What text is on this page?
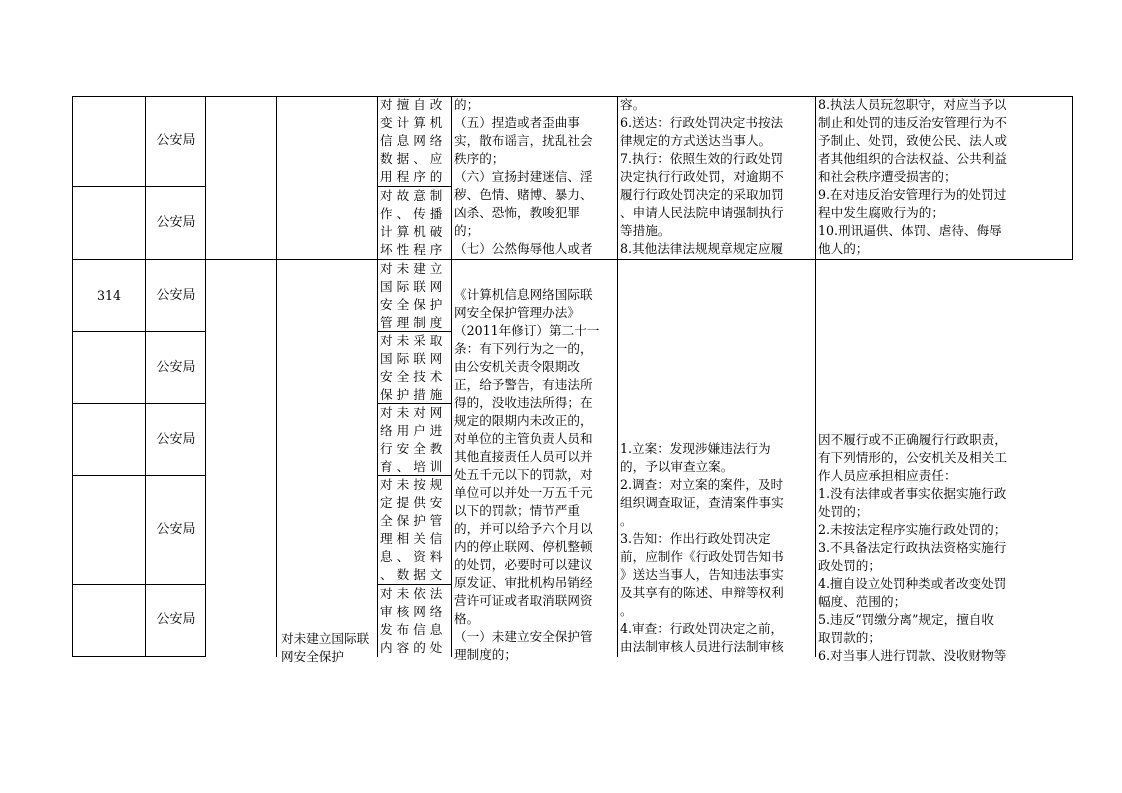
314
公安局
公安局
公安局
公安局
公安局
公安局
公安局
对未建立国际联网安全保护
对擅自改
变计算机
信息网络
数据、应
用程序的
对故意制
作、传播
计算机破
坏性程序
对未建立
国际联网
安全保护
管理制度
对未采取
国际联网
安全技术
保护措施
对未对网
络用户进
行安全教
育、培训
对未按规
定提供安
全保护管
理相关信
息、资料
、数据文
对未依法
审核网络
发布信息
内容的处
的；
（五）捏造或者歪曲事
实，散布谣言，扰乱社会
秩序的；
（六）宣扬封建迷信、淫
秽、色情、赌博、暴力、
凶杀、恐怖，教唆犯罪
的；
（七）公然侮辱他人或者
《计算机信息网络国际联
网安全保护管理办法》
（2011年修订）第二十一
条：有下列行为之一的，
由公安机关责令限期改
正，给予警告，有违法所
得的，没收违法所得；在
规定的限期内未改正的，
对单位的主管负责人员和
其他直接责任人员可以并
处五千元以下的罚款，对
单位可以并处一万五千元
以下的罚款；情节严重
的，并可以给予六个月以
内的停止联网、停机整顿
的处罚，必要时可以建议
原发证、审批机构吊销经
营许可证或者取消联网资
格。
（一）未建立安全保护管
理制度的；
容。
6.送达：行政处罚决定书按法
律规定的方式送达当事人。
7.执行：依照生效的行政处罚
决定执行行政处罚，对逾期不
履行行政处罚决定的采取加罚
、申请人民法院申请强制执行
等措施。
8.其他法律法规规章规定应履
1.立案：发现涉嫌违法行为
的，予以审查立案。
2.调查：对立案的案件，及时
组织调查取证，查清案件事实
。
3.告知：作出行政处罚决定
前，应制作《行政处罚告知书
》送达当事人，告知违法事实
及其享有的陈述、申辩等权利
。
4.审查：行政处罚决定之前，
由法制审核人员进行法制审核
8.执法人员玩忽职守，对应当予以
制止和处罚的违反治安管理行为不
予制止、处罚，致使公民、法人或
者其他组织的合法权益、公共利益
和社会秩序遭受损害的；
9.在对违反治安管理行为的处罚过
程中发生腐败行为的；
10.刑讯逼供、体罚、虐待、侮辱
他人的；
因不履行或不正确履行行政职责，
有下列情形的，公安机关及相关工
作人员应承担相应责任：
1.没有法律或者事实依据实施行政
处罚的；
2.未按法定程序实施行政处罚的；
3.不具备法定行政执法资格实施行
政处罚的；
4.擅自设立处罚种类或者改变处罚
幅度、范围的；
5.违反“罚缴分离”规定，擅自收
取罚款的；
6.对当事人进行罚款、没收财物等
